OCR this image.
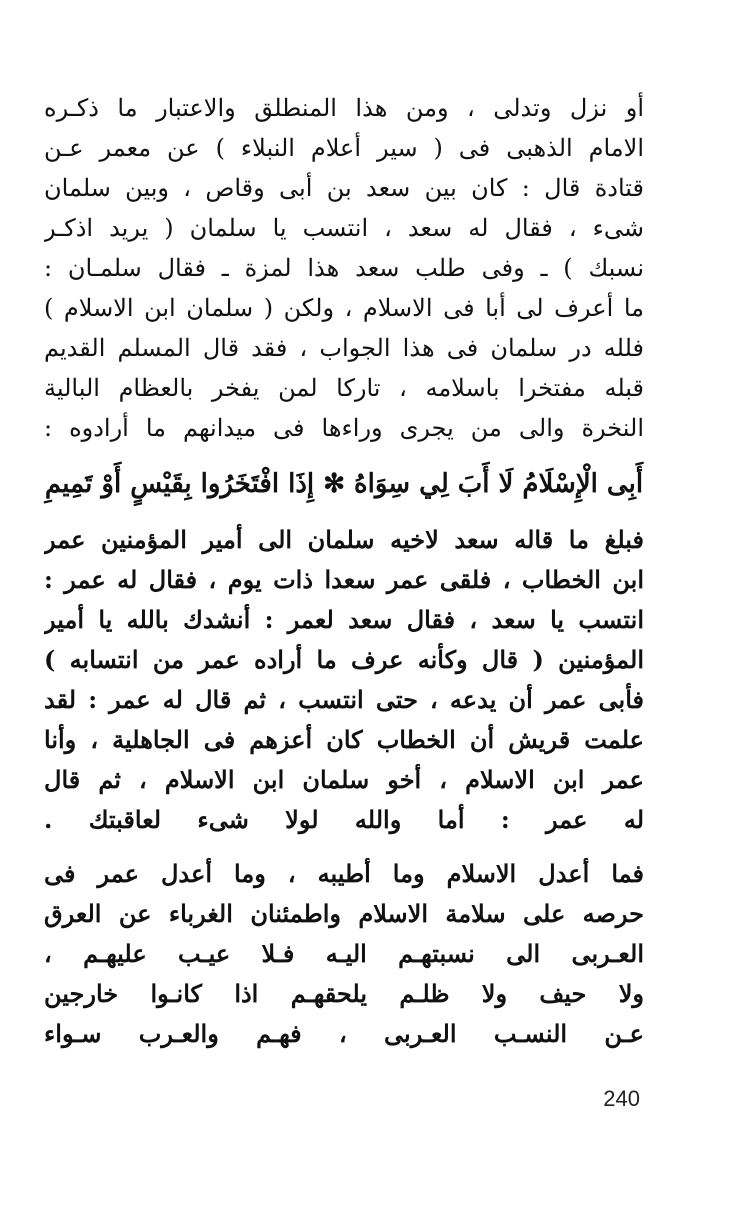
أو نزل وتدلى ، ومن هذا المنطلق والاعتبار ما ذكـره
الامام الذهبى فى ( سير أعلام النبلاء ) عن معمر عـن
قتادة قال : كان بين سعد بن أبى وقاص ، وبين سلمان
شىء ، فقال له سعد ، انتسب يا سلمان ( يريد اذكـر
نسبك ) ـ وفى طلب سعد هذا لمزة ـ فقال سلمـان :
ما أعرف لى أبا فى الاسلام ، ولكن ( سلمان ابن الاسلام )
فلله در سلمان فى هذا الجواب ، فقد قال المسلم القديم
قبله مفتخرا باسلامه ، تاركا لمن يفخر بالعظام البالية
النخرة والى من يجرى وراءها فى ميدانهم ما أرادوه :
أَبِى الْإِسْلَامُ لَا أَبَ لِي سِوَاهُ ✻ إِذَا افْتَخَرُوا بِقَيْسٍ أَوْ تَمِيمِ
فبلغ ما قاله سعد لاخيه سلمان الى أمير المؤمنين عمر
ابن الخطاب ، فلقى عمر سعدا ذات يوم ، فقال له عمر :
انتسب يا سعد ، فقال سعد لعمر : أنشدك بالله يا أمير
المؤمنين ( قال وكأنه عرف ما أراده عمر من انتسابه )
فأبى عمر أن يدعه ، حتى انتسب ، ثم قال له عمر : لقد
علمت قريش أن الخطاب كان أعزهم فى الجاهلية ، وأنا
عمر ابن الاسلام ، أخو سلمان ابن الاسلام ، ثم قال
له عمر : أما والله لولا شىء لعاقبتك .
فما أعدل الاسلام وما أطيبه ، وما أعدل عمر فى
حرصه على سلامة الاسلام واطمئنان الغرباء عن العرق
العـربى الى نسبتهـم اليـه فـلا عيـب عليهـم ،
ولا حيف ولا ظلـم يلحقهـم اذا كانـوا خارجين
عـن النسـب العـربى ، فهـم والعـرب سـواء
240
